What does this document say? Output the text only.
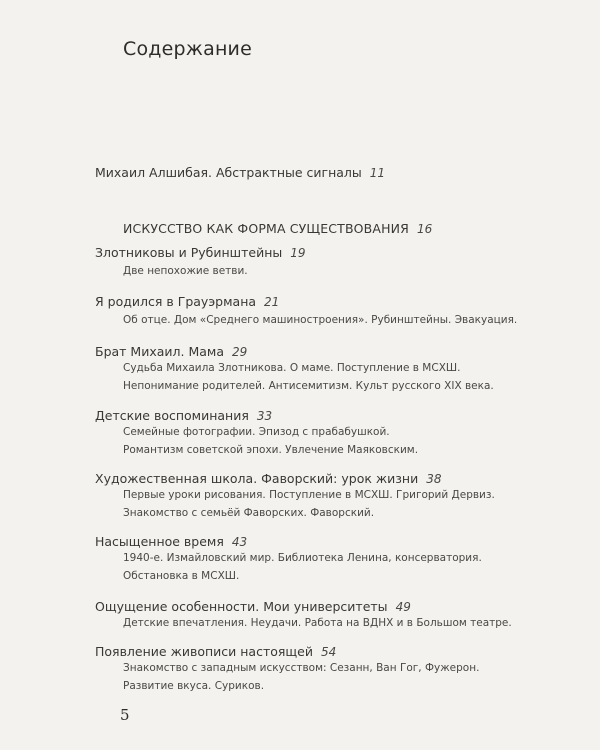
Содержание
Михаил Алшибая. Абстрактные сигналы 11
ИСКУССТВО КАК ФОРМА СУЩЕСТВОВАНИЯ 16
Злотниковы и Рубинштейны 19
Две непохожие ветви.
Я родился в Грауэрмана 21
Об отце. Дом «Среднего машиностроения». Рубинштейны. Эвакуация.
Брат Михаил. Мама 29
Судьба Михаила Злотникова. О маме. Поступление в МСХШ.
Непонимание родителей. Антисемитизм. Культ русского XIX века.
Детские воспоминания 33
Семейные фотографии. Эпизод с прабабушкой.
Романтизм советской эпохи. Увлечение Маяковским.
Художественная школа. Фаворский: урок жизни 38
Первые уроки рисования. Поступление в МСХШ. Григорий Дервиз.
Знакомство с семьёй Фаворских. Фаворский.
Насыщенное время 43
1940-е. Измайловский мир. Библиотека Ленина, консерватория.
Обстановка в МСХШ.
Ощущение особенности. Мои университеты 49
Детские впечатления. Неудачи. Работа на ВДНХ и в Большом театре.
Появление живописи настоящей 54
Знакомство с западным искусством: Сезанн, Ван Гог, Фужерон.
Развитие вкуса. Суриков.
5
